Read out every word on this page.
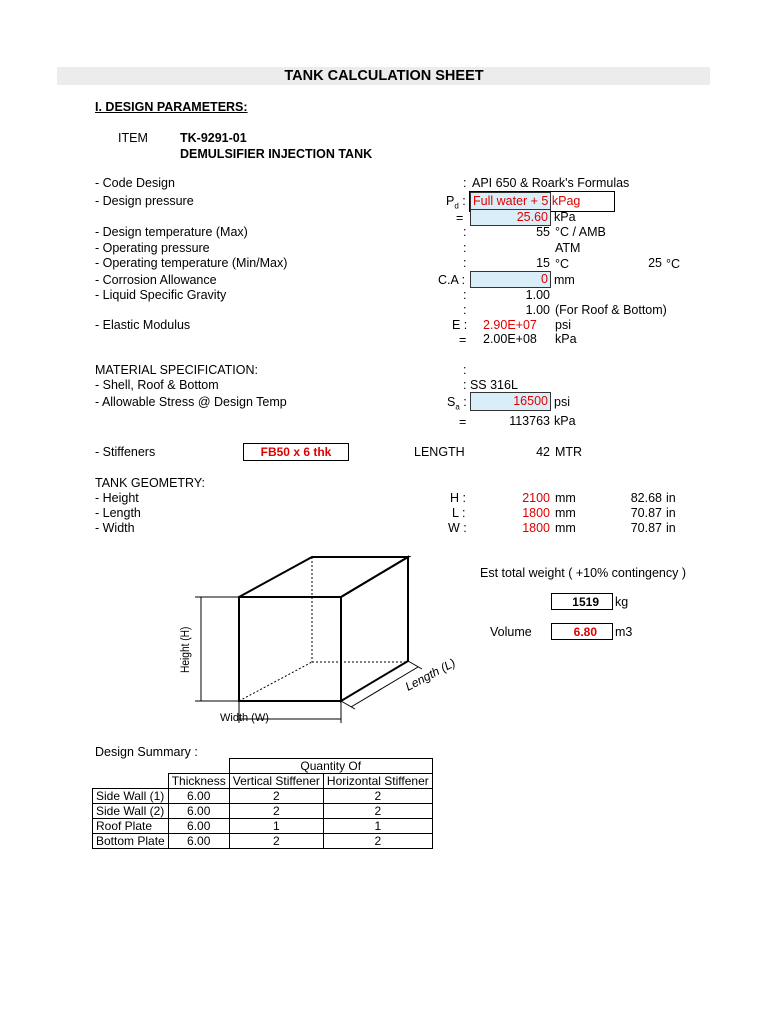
TANK CALCULATION SHEET
I. DESIGN PARAMETERS:
ITEM	TK-9291-01
DEMULSIFIER INJECTION TANK
- Code Design	: API 650 & Roark's Formulas
- Design pressure	$P_d$ : Full water + 5 kPag
=	25.60 kPa
- Design temperature (Max)	:	55 °C / AMB
- Operating pressure	:	ATM
- Operating temperature (Min/Max)	:	15 °C	25 °C
- Corrosion Allowance	C.A :	0 mm
- Liquid Specific Gravity	:	1.00
:	1.00 (For Roof & Bottom)
- Elastic Modulus	E : 2.90E+07 psi
= 2.00E+08 kPa
MATERIAL SPECIFICATION:	:
- Shell, Roof & Bottom	: SS 316L
- Allowable Stress @ Design Temp	$S_a$ :	16500 psi
=	113763 kPa
- Stiffeners	FB50 x 6 thk	LENGTH	42 MTR
TANK GEOMETRY:
- Height	H :	2100 mm	82.68 in
- Length	L :	1800 mm	70.87 in
- Width	W :	1800 mm	70.87 in
Height (H)
Width (W)
Length (L)
Est total weight ( +10% contingency )
1519 kg
Volume	6.80 m3
Design Summary :
		Quantity Of	
	Thickness	Vertical Stiffener	Horizontal Stiffener
Side Wall (1)	6.00	2	2
Side Wall (2)	6.00	2	2
Roof Plate	6.00	1	1
Bottom Plate	6.00	2	2
